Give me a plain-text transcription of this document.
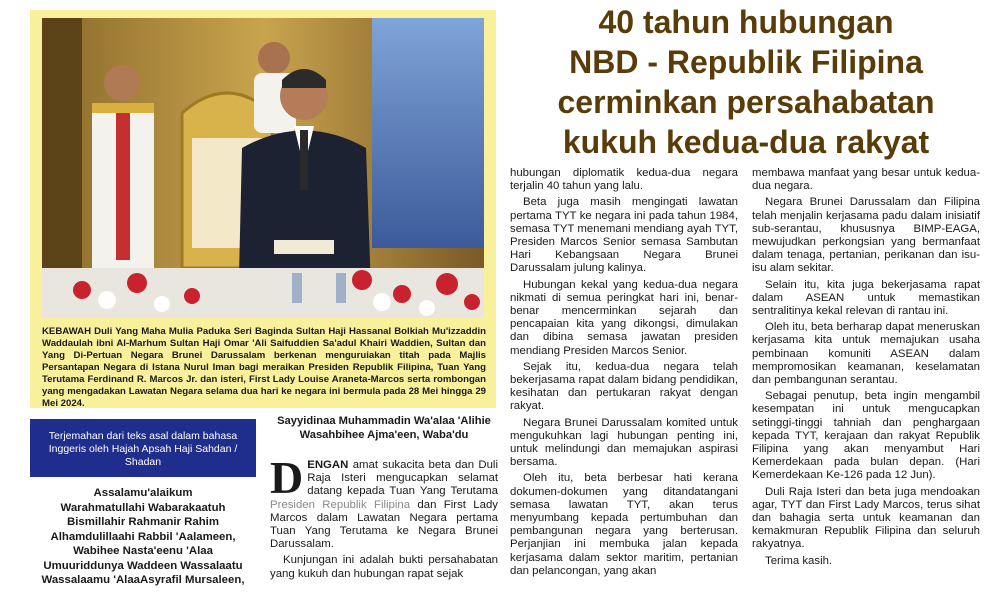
KEBAWAH Duli Yang Maha Mulia Paduka Seri Baginda Sultan Haji Hassanal Bolkiah Mu'izzaddin Waddaulah ibni Al-Marhum Sultan Haji Omar 'Ali Saifuddien Sa'adul Khairi Waddien, Sultan dan Yang Di-Pertuan Negara Brunei Darussalam berkenan menguruiakan titah pada Majlis Persantapan Negara di Istana Nurul Iman bagi meraikan Presiden Republik Filipina, Tuan Yang Terutama Ferdinand R. Marcos Jr. dan isteri, First Lady Louise Araneta-Marcos serta rombongan yang mengadakan Lawatan Negara selama dua hari ke negara ini bermula pada 28 Mei hingga 29 Mei 2024.
Terjemahan dari teks asal dalam bahasa Inggeris oleh Hajah Apsah Haji Sahdan / Shadan
Assalamu'alaikum
Warahmatullahi Wabarakaatuh
Bismillahir Rahmanir Rahim
Alhamdulillaahi Rabbil 'Aalameen,
Wabihee Nasta'eenu 'Alaa
Umuuriddunya Waddeen Wassalaatu
Wassalaamu 'AlaaAsyrafil Mursaleen,
Sayyidinaa Muhammadin Wa'alaa 'Alihie
Wasahbihee Ajma'een, Waba'du

DENGAN amat sukacita beta dan Duli Raja Isteri mengucapkan selamat datang kepada Tuan Yang Terutama Presiden Republik Filipina dan First Lady Marcos dalam Lawatan Negara pertama Tuan Yang Terutama ke Negara Brunei Darussalam.

Kunjungan ini adalah bukti persahabatan yang kukuh dan hubungan rapat sejak

40 tahun hubungan
NBD - Republik Filipina
cerminkan persahabatan
kukuh kedua-dua rakyat

hubungan diplomatik kedua-dua negara terjalin 40 tahun yang lalu.

Beta juga masih mengingati lawatan pertama TYT ke negara ini pada tahun 1984, semasa TYT menemani mendiang ayah TYT, Presiden Marcos Senior semasa Sambutan Hari Kebangsaan Negara Brunei Darussalam julung kalinya.

Hubungan kekal yang kedua-dua negara nikmati di semua peringkat hari ini, benar-benar mencerminkan sejarah dan pencapaian kita yang dikongsi, dimulakan dan dibina semasa jawatan presiden mendiang Presiden Marcos Senior.

Sejak itu, kedua-dua negara telah bekerjasama rapat dalam bidang pendidikan, kesihatan dan pertukaran rakyat dengan rakyat.

Negara Brunei Darussalam komited untuk mengukuhkan lagi hubungan penting ini, untuk melindungi dan memajukan aspirasi bersama.

Oleh itu, beta berbesar hati kerana dokumen-dokumen yang ditandatangani semasa lawatan TYT, akan terus menyumbang kepada pertumbuhan dan pembangunan negara yang berterusan. Perjanjian ini membuka jalan kepada kerjasama dalam sektor maritim, pertanian dan pelancongan, yang akan

membawa manfaat yang besar untuk kedua-dua negara.

Negara Brunei Darussalam dan Filipina telah menjalin kerjasama padu dalam inisiatif sub-serantau, khususnya BIMP-EAGA, mewujudkan perkongsian yang bermanfaat dalam tenaga, pertanian, perikanan dan isu-isu alam sekitar.

Selain itu, kita juga bekerjasama rapat dalam ASEAN untuk memastikan sentralitinya kekal relevan di rantau ini.

Oleh itu, beta berharap dapat meneruskan kerjasama kita untuk memajukan usaha pembinaan komuniti ASEAN dalam mempromosikan keamanan, keselamatan dan pembangunan serantau.

Sebagai penutup, beta ingin mengambil kesempatan ini untuk mengucapkan setinggi-tinggi tahniah dan penghargaan kepada TYT, kerajaan dan rakyat Republik Filipina yang akan menyambut Hari Kemerdekaan pada bulan depan. (Hari Kemerdekaan Ke-126 pada 12 Jun).

Duli Raja Isteri dan beta juga mendoakan agar, TYT dan First Lady Marcos, terus sihat dan bahagia serta untuk keamanan dan kemakmuran Republik Filipina dan seluruh rakyatnya.

Terima kasih.
